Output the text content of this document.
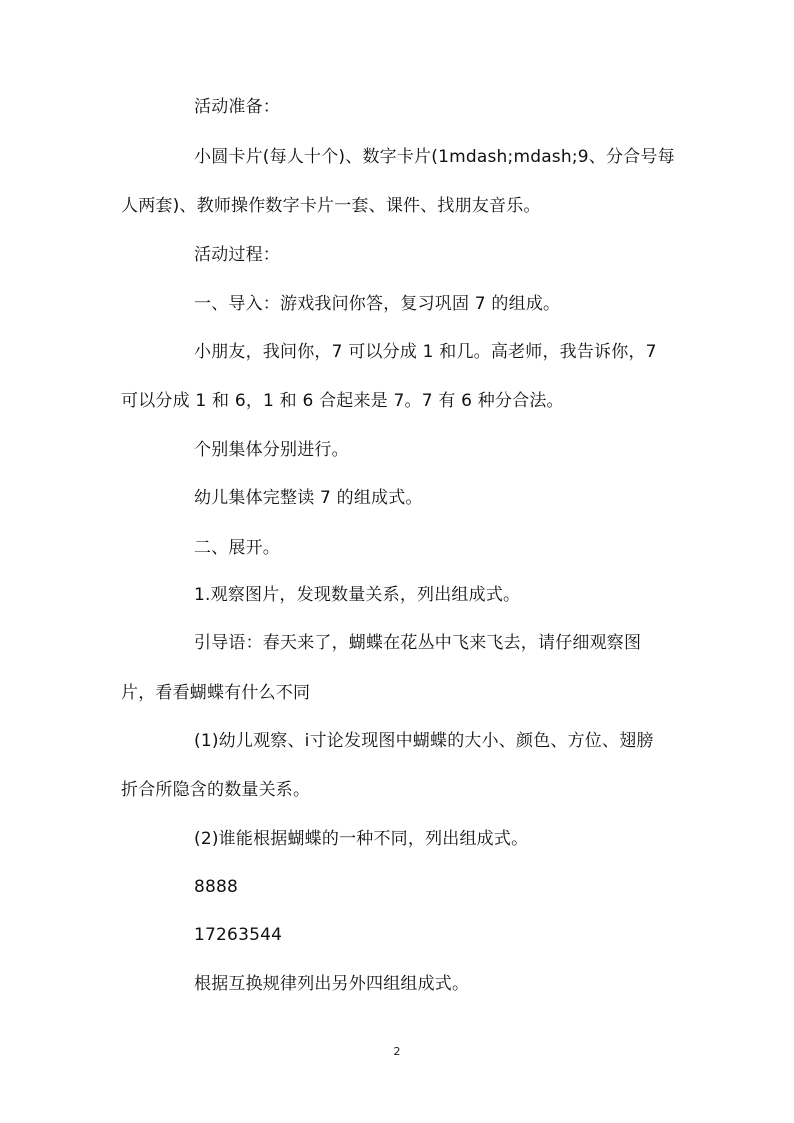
活动准备：
小圆卡片(每人十个)、数字卡片(1mdash;mdash;9、分合号每
人两套)、教师操作数字卡片一套、课件、找朋友音乐。
活动过程：
一、导入：游戏我问你答，复习巩固 7 的组成。
小朋友，我问你，7 可以分成 1 和几。高老师，我告诉你，7
可以分成 1 和 6，1 和 6 合起来是 7。7 有 6 种分合法。
个别集体分别进行。
幼儿集体完整读 7 的组成式。
二、展开。
1.观察图片，发现数量关系，列出组成式。
引导语：春天来了，蝴蝶在花丛中飞来飞去，请仔细观察图
片，看看蝴蝶有什么不同
(1)幼儿观察、i寸论发现图中蝴蝶的大小、颜色、方位、翅膀
折合所隐含的数量关系。
(2)谁能根据蝴蝶的一种不同，列出组成式。
8888
17263544
根据互换规律列出另外四组组成式。
2
